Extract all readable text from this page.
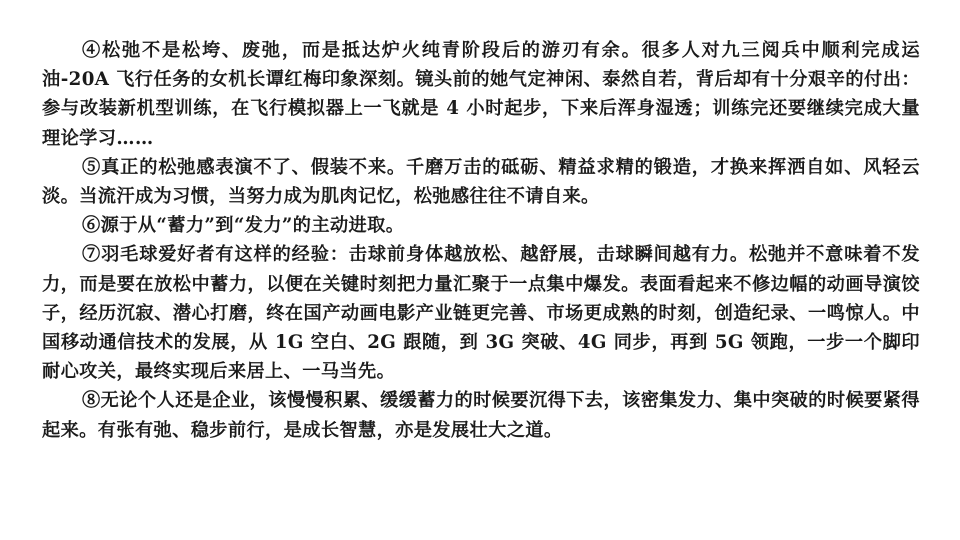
④松弛不是松垮、废弛，而是抵达炉火纯青阶段后的游刃有余。很多人对九三阅兵中顺利完成运油-20A 飞行任务的女机长谭红梅印象深刻。镜头前的她气定神闲、泰然自若，背后却有十分艰辛的付出：参与改装新机型训练，在飞行模拟器上一飞就是 4 小时起步，下来后浑身湿透；训练完还要继续完成大量理论学习……

⑤真正的松弛感表演不了、假装不来。千磨万击的砥砺、精益求精的锻造，才换来挥洒自如、风轻云淡。当流汗成为习惯，当努力成为肌肉记忆，松弛感往往不请自来。

⑥源于从“蓄力”到“发力”的主动进取。

⑦羽毛球爱好者有这样的经验：击球前身体越放松、越舒展，击球瞬间越有力。松弛并不意味着不发力，而是要在放松中蓄力，以便在关键时刻把力量汇聚于一点集中爆发。表面看起来不修边幅的动画导演饺子，经历沉寂、潜心打磨，终在国产动画电影产业链更完善、市场更成熟的时刻，创造纪录、一鸣惊人。中国移动通信技术的发展，从 1G 空白、2G 跟随，到 3G 突破、4G 同步，再到 5G 领跑，一步一个脚印耐心攻关，最终实现后来居上、一马当先。

⑧无论个人还是企业，该慢慢积累、缓缓蓄力的时候要沉得下去，该密集发力、集中突破的时候要紧得起来。有张有弛、稳步前行，是成长智慧，亦是发展壮大之道。
